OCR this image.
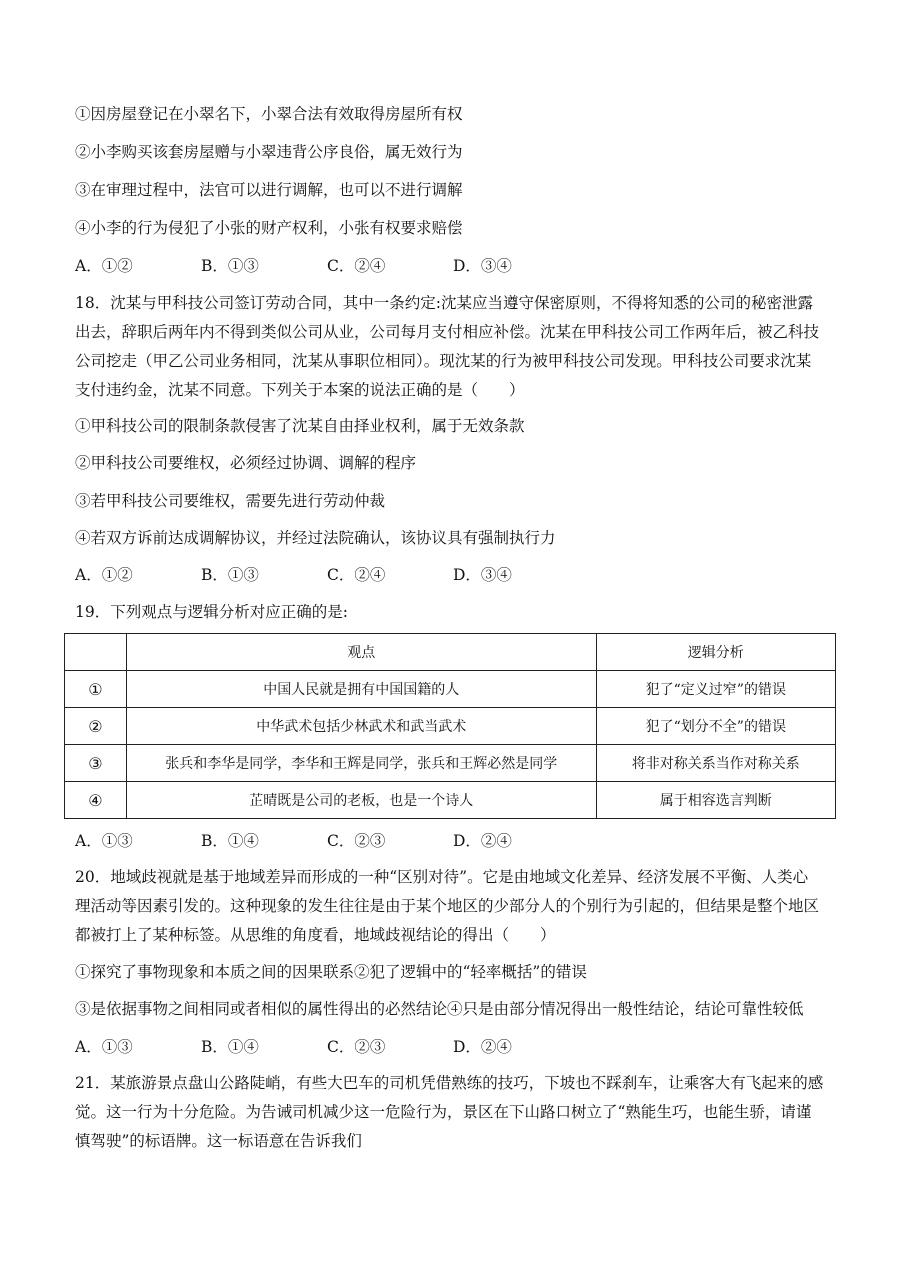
①因房屋登记在小翠名下，小翠合法有效取得房屋所有权
②小李购买该套房屋赠与小翠违背公序良俗，属无效行为
③在审理过程中，法官可以进行调解，也可以不进行调解
④小李的行为侵犯了小张的财产权利，小张有权要求赔偿
A．①②	B．①③	C．②④	D．③④
18．沈某与甲科技公司签订劳动合同，其中一条约定:沈某应当遵守保密原则，不得将知悉的公司的秘密泄露
出去，辞职后两年内不得到类似公司从业，公司每月支付相应补偿。沈某在甲科技公司工作两年后，被乙科技
公司挖走（甲乙公司业务相同，沈某从事职位相同）。现沈某的行为被甲科技公司发现。甲科技公司要求沈某
支付违约金，沈某不同意。下列关于本案的说法正确的是（　　）
①甲科技公司的限制条款侵害了沈某自由择业权利，属于无效条款
②甲科技公司要维权，必须经过协调、调解的程序
③若甲科技公司要维权，需要先进行劳动仲裁
④若双方诉前达成调解协议，并经过法院确认，该协议具有强制执行力
A．①②	B．①③	C．②④	D．③④
19．下列观点与逻辑分析对应正确的是:
	观点	逻辑分析
①	中国人民就是拥有中国国籍的人	犯了“定义过窄”的错误
②	中华武术包括少林武术和武当武术	犯了“划分不全”的错误
③	张兵和李华是同学，李华和王辉是同学，张兵和王辉必然是同学	将非对称关系当作对称关系
④	芷晴既是公司的老板，也是一个诗人	属于相容选言判断
A．①③	B．①④	C．②③	D．②④
20．地域歧视就是基于地域差异而形成的一种“区别对待”。它是由地域文化差异、经济发展不平衡、人类心
理活动等因素引发的。这种现象的发生往往是由于某个地区的少部分人的个别行为引起的，但结果是整个地区
都被打上了某种标签。从思维的角度看，地域歧视结论的得出（　　）
①探究了事物现象和本质之间的因果联系②犯了逻辑中的“轻率概括”的错误
③是依据事物之间相同或者相似的属性得出的必然结论④只是由部分情况得出一般性结论，结论可靠性较低
A．①③	B．①④	C．②③	D．②④
21．某旅游景点盘山公路陡峭，有些大巴车的司机凭借熟练的技巧，下坡也不踩刹车，让乘客大有飞起来的感
觉。这一行为十分危险。为告诫司机减少这一危险行为，景区在下山路口树立了“熟能生巧，也能生骄，请谨
慎驾驶”的标语牌。这一标语意在告诉我们
